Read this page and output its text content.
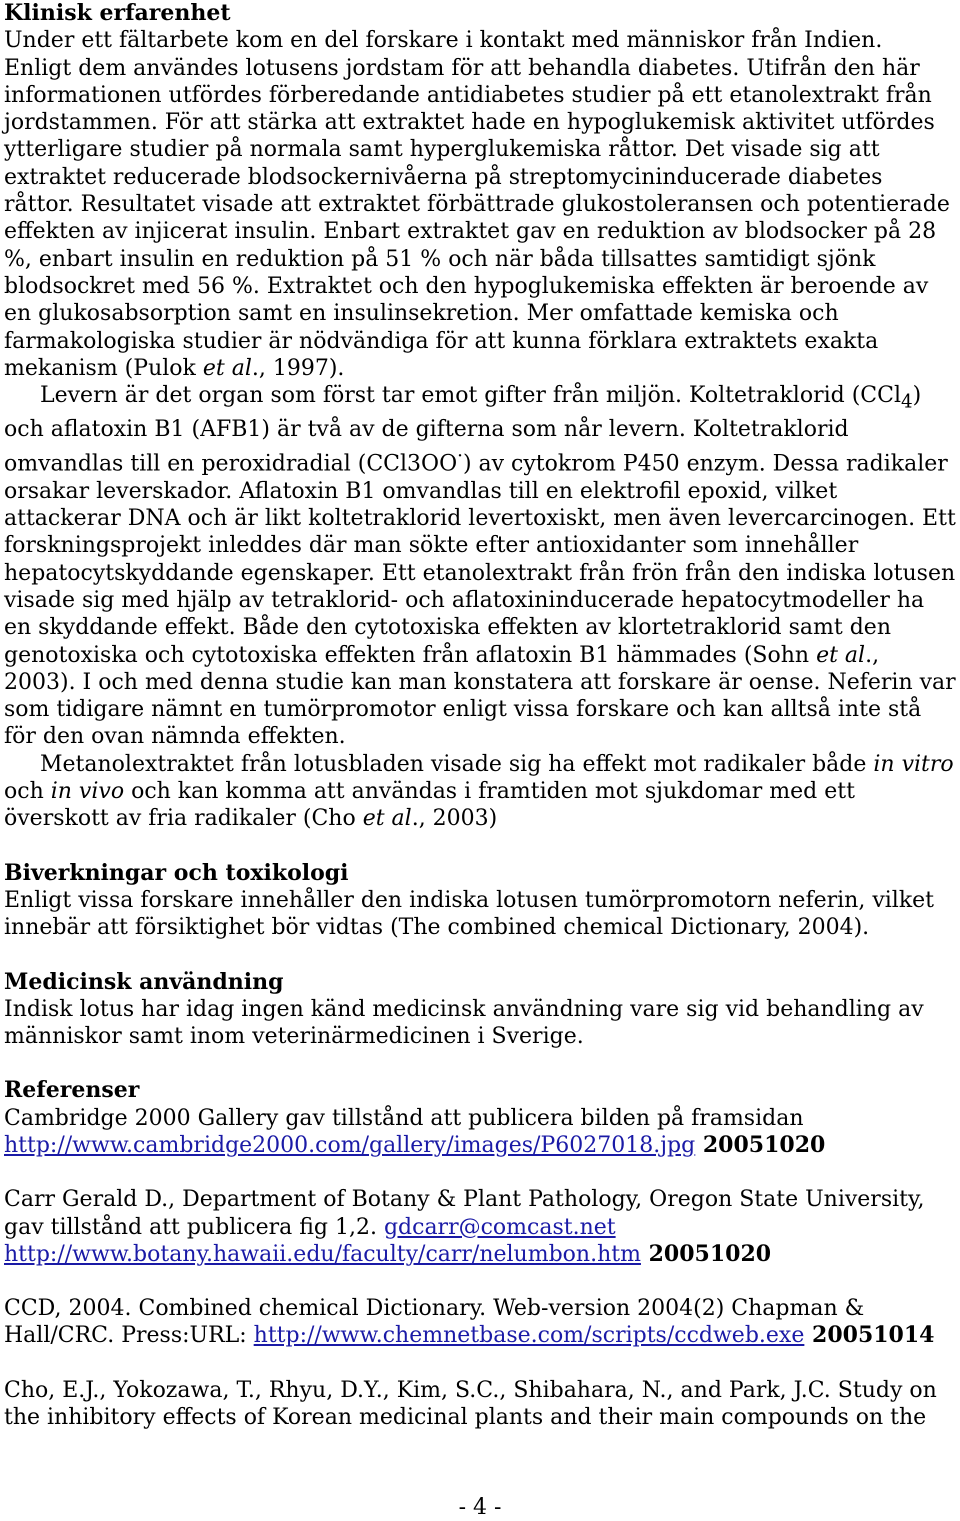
Klinisk erfarenhet

Under ett fältarbete kom en del forskare i kontakt med människor från Indien. Enligt dem användes lotusens jordstam för att behandla diabetes. Utifrån den här informationen utfördes förberedande antidiabetes studier på ett etanolextrakt från jordstammen. För att stärka att extraktet hade en hypoglukemisk aktivitet utfördes ytterligare studier på normala samt hyperglukemiska råttor. Det visade sig att extraktet reducerade blodsockernivåerna på streptomycininducerade diabetes råttor. Resultatet visade att extraktet förbättrade glukostoleransen och potentierade effekten av injicerat insulin. Enbart extraktet gav en reduktion av blodsocker på 28 %, enbart insulin en reduktion på 51 % och när båda tillsattes samtidigt sjönk blodsockret med 56 %. Extraktet och den hypoglukemiska effekten är beroende av en glukosabsorption samt en insulinsekretion. Mer omfattade kemiska och farmakologiska studier är nödvändiga för att kunna förklara extraktets exakta mekanism (Pulok et al., 1997).

Levern är det organ som först tar emot gifter från miljön. Koltetraklorid (CCl$_4$) och aflatoxin B1 (AFB1) är två av de gifterna som når levern. Koltetraklorid omvandlas till en peroxidradial (CCl3OO·) av cytokrom P450 enzym. Dessa radikaler orsakar leverskador. Aflatoxin B1 omvandlas till en elektrofil epoxid, vilket attackerar DNA och är likt koltetraklorid levertoxiskt, men även levercarcinogen. Ett forskningsprojekt inleddes där man sökte efter antioxidanter som innehåller hepatocytskyddande egenskaper. Ett etanolextrakt från frön från den indiska lotusen visade sig med hjälp av tetraklorid- och aflatoxininducerade hepatocytmodeller ha en skyddande effekt. Både den cytotoxiska effekten av klortetraklorid samt den genotoxiska och cytotoxiska effekten från aflatoxin B1 hämmades (Sohn et al., 2003). I och med denna studie kan man konstatera att forskare är oense. Neferin var som tidigare nämnt en tumörpromotor enligt vissa forskare och kan alltså inte stå för den ovan nämnda effekten.

Metanolextraktet från lotusbladen visade sig ha effekt mot radikaler både in vitro och in vivo och kan komma att användas i framtiden mot sjukdomar med ett överskott av fria radikaler (Cho et al., 2003)

Biverkningar och toxikologi

Enligt vissa forskare innehåller den indiska lotusen tumörpromotorn neferin, vilket innebär att försiktighet bör vidtas (The combined chemical Dictionary, 2004).

Medicinsk användning

Indisk lotus har idag ingen känd medicinsk användning vare sig vid behandling av människor samt inom veterinärmedicinen i Sverige.

Referenser

Cambridge 2000 Gallery gav tillstånd att publicera bilden på framsidan
http://www.cambridge2000.com/gallery/images/P6027018.jpg 20051020

Carr Gerald D., Department of Botany & Plant Pathology, Oregon State University, gav tillstånd att publicera fig 1,2. gdcarr@comcast.net
http://www.botany.hawaii.edu/faculty/carr/nelumbon.htm 20051020

CCD, 2004. Combined chemical Dictionary. Web-version 2004(2) Chapman & Hall/CRC. Press:URL: http://www.chemnetbase.com/scripts/ccdweb.exe 20051014

Cho, E.J., Yokozawa, T., Rhyu, D.Y., Kim, S.C., Shibahara, N., and Park, J.C. Study on the inhibitory effects of Korean medicinal plants and their main compounds on the

- 4 -
